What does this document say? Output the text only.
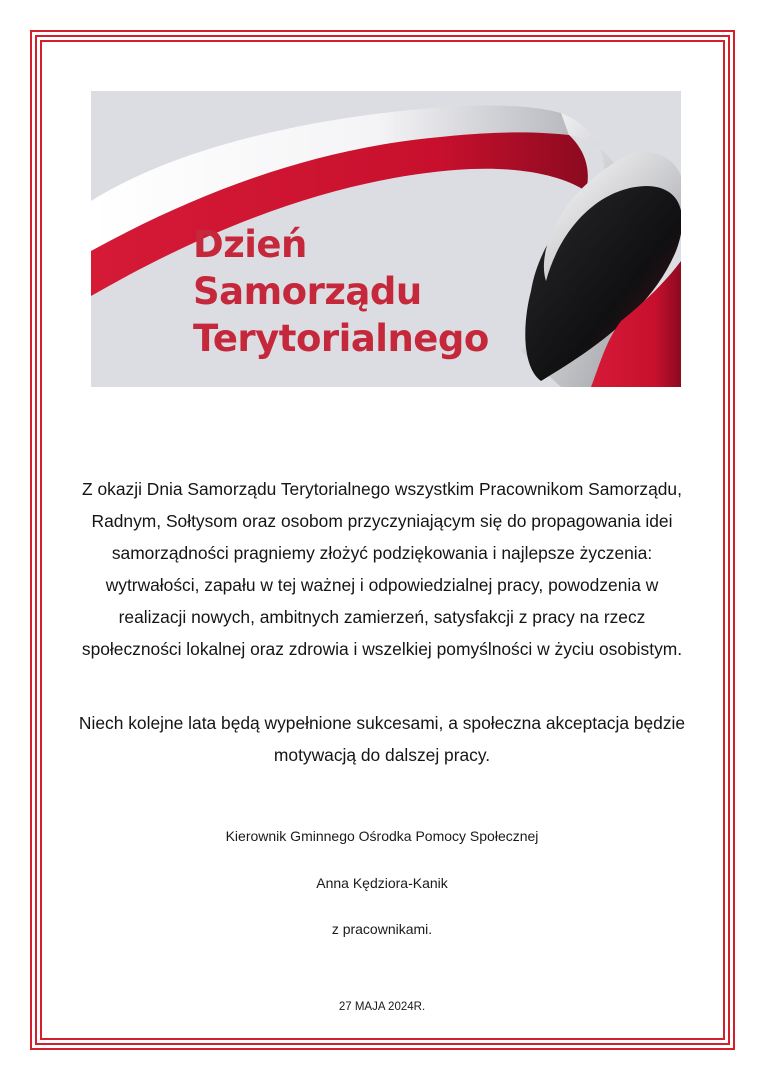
Dzień
Samorządu
Terytorialnego

Z okazji Dnia Samorządu Terytorialnego wszystkim Pracownikom Samorządu, Radnym, Sołtysom oraz osobom przyczyniającym się do propagowania idei samorządności pragniemy złożyć podziękowania i najlepsze życzenia: wytrwałości, zapału w tej ważnej i odpowiedzialnej pracy, powodzenia w realizacji nowych, ambitnych zamierzeń, satysfakcji z pracy na rzecz społeczności lokalnej oraz zdrowia i wszelkiej pomyślności w życiu osobistym.

Niech kolejne lata będą wypełnione sukcesami, a społeczna akceptacja będzie motywacją do dalszej pracy.

Kierownik Gminnego Ośrodka Pomocy Społecznej

Anna Kędziora-Kanik

z pracownikami.

27 MAJA 2024R.
